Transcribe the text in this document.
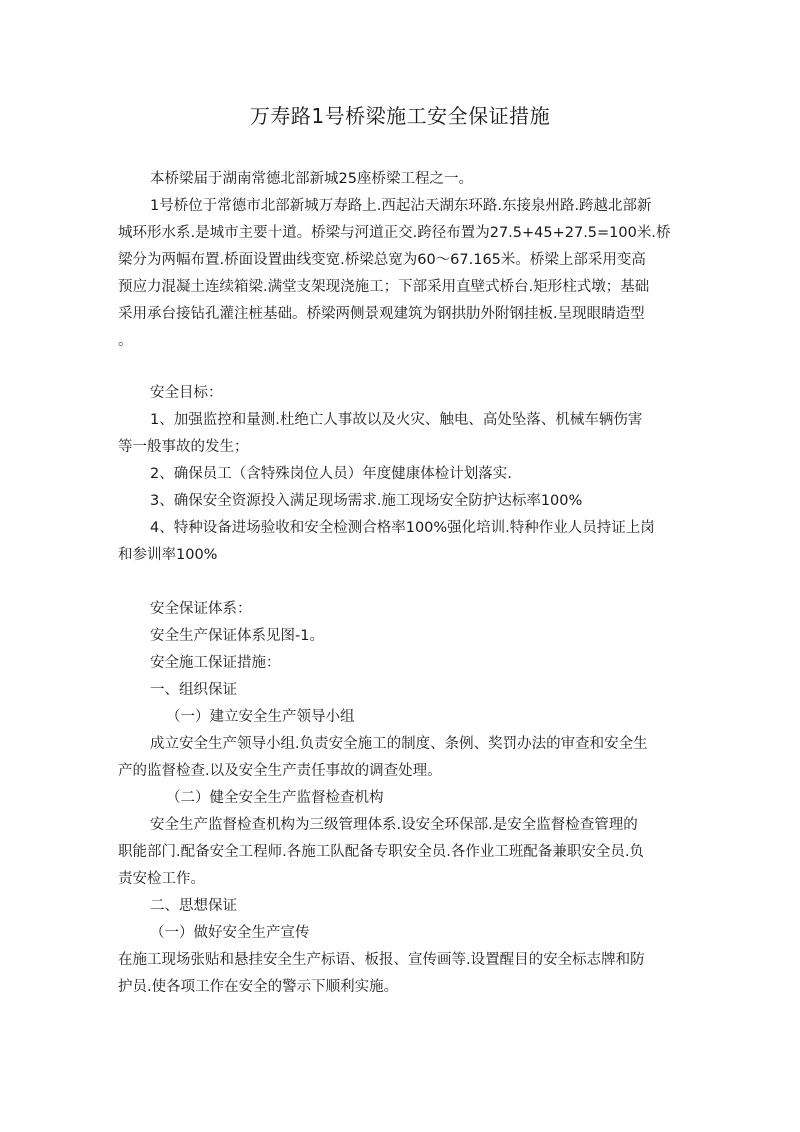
万寿路1号桥梁施工安全保证措施
本桥梁届于湖南常德北部新城25座桥梁工程之一。
1号桥位于常德市北部新城万寿路上.西起沾天湖东环路.东接泉州路.跨越北部新
城环形水系.是城市主要十道。桥梁与河道正交.跨径布置为27.5+45+27.5=100米.桥
梁分为两幅布置.桥面设置曲线变宽.桥梁总宽为60～67.165米。桥梁上部采用变高
预应力混凝土连续箱梁.满堂支架现浇施工；下部采用直壁式桥台.矩形柱式墩；基础
采用承台接钻孔灌注桩基础。桥梁两侧景观建筑为钢拱肋外附钢挂板.呈现眼睛造型
。
安全目标：
1、加强监控和量测.杜绝亡人事故以及火灾、触电、高处坠落、机械车辆伤害
等一般事故的发生；
2、确保员工（含特殊岗位人员）年度健康体检计划落实.
3、确保安全资源投入满足现场需求.施工现场安全防护达标率100%
4、特种设备进场验收和安全检测合格率100%强化培训.特种作业人员持证上岗
和参训率100%
安全保证体系：
安全生产保证体系见图-1。
安全施工保证措施：
一、组织保证
（一）建立安全生产领导小组
成立安全生产领导小组.负责安全施工的制度、条例、奖罚办法的审查和安全生
产的监督检查.以及安全生产责任事故的调查处理。
（二）健全安全生产监督检查机构
安全生产监督检查机构为三级管理体系.设安全环保部.是安全监督检查管理的
职能部门.配备安全工程师.各施工队配备专职安全员.各作业工班配备兼职安全员.负
责安检工作。
二、思想保证
（一）做好安全生产宣传
在施工现场张贴和悬挂安全生产标语、板报、宣传画等.设置醒目的安全标志牌和防
护员.使各项工作在安全的警示下顺利实施。
